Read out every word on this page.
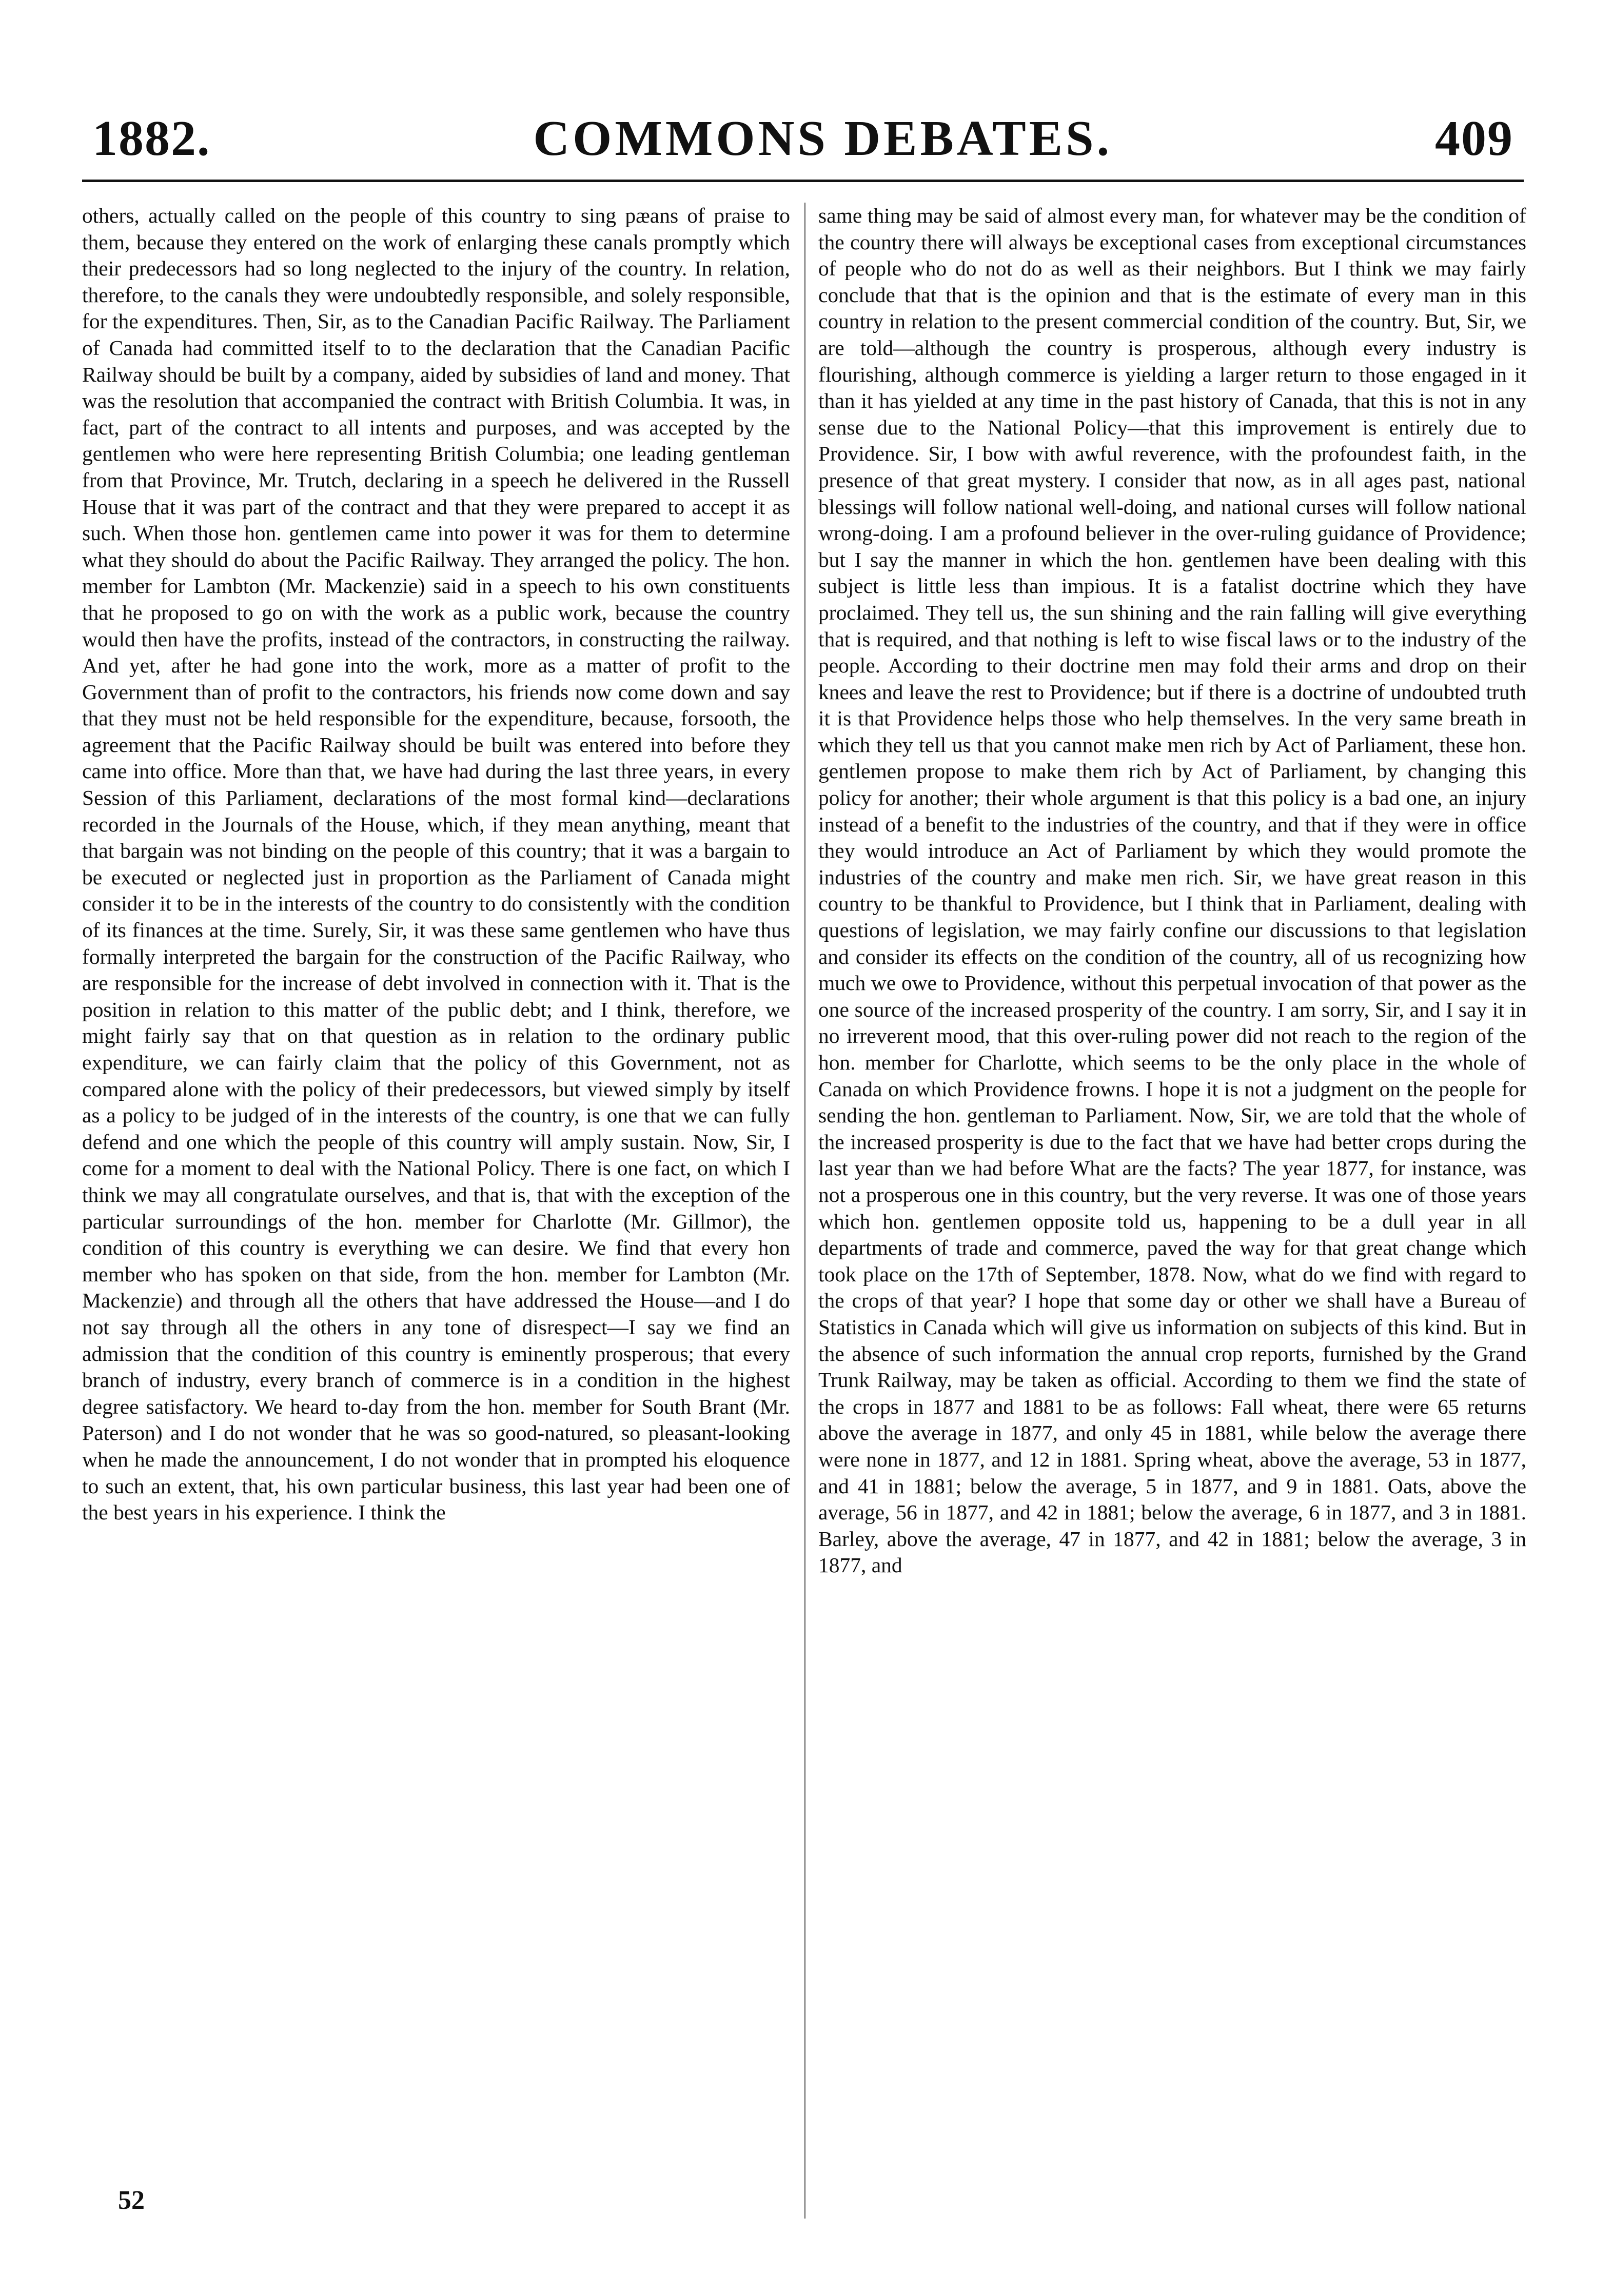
1882.	COMMONS DEBATES.	409

others, actually called on the people of this country to sing pæans of praise to them, because they entered on the work of enlarging these canals promptly which their predecessors had so long neglected to the injury of the country. In relation, therefore, to the canals they were undoubtedly responsible, and solely responsible, for the expenditures. Then, Sir, as to the Canadian Pacific Railway. The Parliament of Canada had committed itself to to the declaration that the Canadian Pacific Railway should be built by a company, aided by subsidies of land and money. That was the resolution that accompanied the contract with British Columbia. It was, in fact, part of the contract to all intents and purposes, and was accepted by the gentlemen who were here representing British Columbia; one leading gentleman from that Province, Mr. Trutch, declaring in a speech he delivered in the Russell House that it was part of the contract and that they were prepared to accept it as such. When those hon. gentlemen came into power it was for them to determine what they should do about the Pacific Railway. They arranged the policy. The hon. member for Lambton (Mr. Mackenzie) said in a speech to his own constituents that he proposed to go on with the work as a public work, because the country would then have the profits, instead of the contractors, in constructing the railway. And yet, after he had gone into the work, more as a matter of profit to the Government than of profit to the contractors, his friends now come down and say that they must not be held responsible for the expenditure, because, forsooth, the agreement that the Pacific Railway should be built was entered into before they came into office. More than that, we have had during the last three years, in every Session of this Parliament, declarations of the most formal kind—declarations recorded in the Journals of the House, which, if they mean anything, meant that that bargain was not binding on the people of this country; that it was a bargain to be executed or neglected just in proportion as the Parliament of Canada might consider it to be in the interests of the country to do consistently with the condition of its finances at the time. Surely, Sir, it was these same gentlemen who have thus formally interpreted the bargain for the construction of the Pacific Railway, who are responsible for the increase of debt involved in connection with it. That is the position in relation to this matter of the public debt; and I think, therefore, we might fairly say that on that question as in relation to the ordinary public expenditure, we can fairly claim that the policy of this Government, not as compared alone with the policy of their predecessors, but viewed simply by itself as a policy to be judged of in the interests of the country, is one that we can fully defend and one which the people of this country will amply sustain. Now, Sir, I come for a moment to deal with the National Policy. There is one fact, on which I think we may all congratulate ourselves, and that is, that with the exception of the particular surroundings of the hon. member for Charlotte (Mr. Gillmor), the condition of this country is everything we can desire. We find that every hon member who has spoken on that side, from the hon. member for Lambton (Mr. Mackenzie) and through all the others that have addressed the House—and I do not say through all the others in any tone of disrespect—I say we find an admission that the condition of this country is eminently prosperous; that every branch of industry, every branch of commerce is in a condition in the highest degree satisfactory. We heard to-day from the hon. member for South Brant (Mr. Paterson) and I do not wonder that he was so good-natured, so pleasant-looking when he made the announcement, I do not wonder that in prompted his eloquence to such an extent, that, his own particular business, this last year had been one of the best years in his experience. I think the

same thing may be said of almost every man, for whatever may be the condition of the country there will always be exceptional cases from exceptional circumstances of people who do not do as well as their neighbors. But I think we may fairly conclude that that is the opinion and that is the estimate of every man in this country in relation to the present commercial condition of the country. But, Sir, we are told—although the country is prosperous, although every industry is flourishing, although commerce is yielding a larger return to those engaged in it than it has yielded at any time in the past history of Canada, that this is not in any sense due to the National Policy—that this improvement is entirely due to Providence. Sir, I bow with awful reverence, with the profoundest faith, in the presence of that great mystery. I consider that now, as in all ages past, national blessings will follow national well-doing, and national curses will follow national wrong-doing. I am a profound believer in the over-ruling guidance of Providence; but I say the manner in which the hon. gentlemen have been dealing with this subject is little less than impious. It is a fatalist doctrine which they have proclaimed. They tell us, the sun shining and the rain falling will give everything that is required, and that nothing is left to wise fiscal laws or to the industry of the people. According to their doctrine men may fold their arms and drop on their knees and leave the rest to Providence; but if there is a doctrine of undoubted truth it is that Providence helps those who help themselves. In the very same breath in which they tell us that you cannot make men rich by Act of Parliament, these hon. gentlemen propose to make them rich by Act of Parliament, by changing this policy for another; their whole argument is that this policy is a bad one, an injury instead of a benefit to the industries of the country, and that if they were in office they would introduce an Act of Parliament by which they would promote the industries of the country and make men rich. Sir, we have great reason in this country to be thankful to Providence, but I think that in Parliament, dealing with questions of legislation, we may fairly confine our discussions to that legislation and consider its effects on the condition of the country, all of us recognizing how much we owe to Providence, without this perpetual invocation of that power as the one source of the increased prosperity of the country. I am sorry, Sir, and I say it in no irreverent mood, that this over-ruling power did not reach to the region of the hon. member for Charlotte, which seems to be the only place in the whole of Canada on which Providence frowns. I hope it is not a judgment on the people for sending the hon. gentleman to Parliament. Now, Sir, we are told that the whole of the increased prosperity is due to the fact that we have had better crops during the last year than we had before What are the facts? The year 1877, for instance, was not a prosperous one in this country, but the very reverse. It was one of those years which hon. gentlemen opposite told us, happening to be a dull year in all departments of trade and commerce, paved the way for that great change which took place on the 17th of September, 1878. Now, what do we find with regard to the crops of that year? I hope that some day or other we shall have a Bureau of Statistics in Canada which will give us information on subjects of this kind. But in the absence of such information the annual crop reports, furnished by the Grand Trunk Railway, may be taken as official. According to them we find the state of the crops in 1877 and 1881 to be as follows: Fall wheat, there were 65 returns above the average in 1877, and only 45 in 1881, while below the average there were none in 1877, and 12 in 1881. Spring wheat, above the average, 53 in 1877, and 41 in 1881; below the average, 5 in 1877, and 9 in 1881. Oats, above the average, 56 in 1877, and 42 in 1881; below the average, 6 in 1877, and 3 in 1881. Barley, above the average, 47 in 1877, and 42 in 1881; below the average, 3 in 1877, and

52
